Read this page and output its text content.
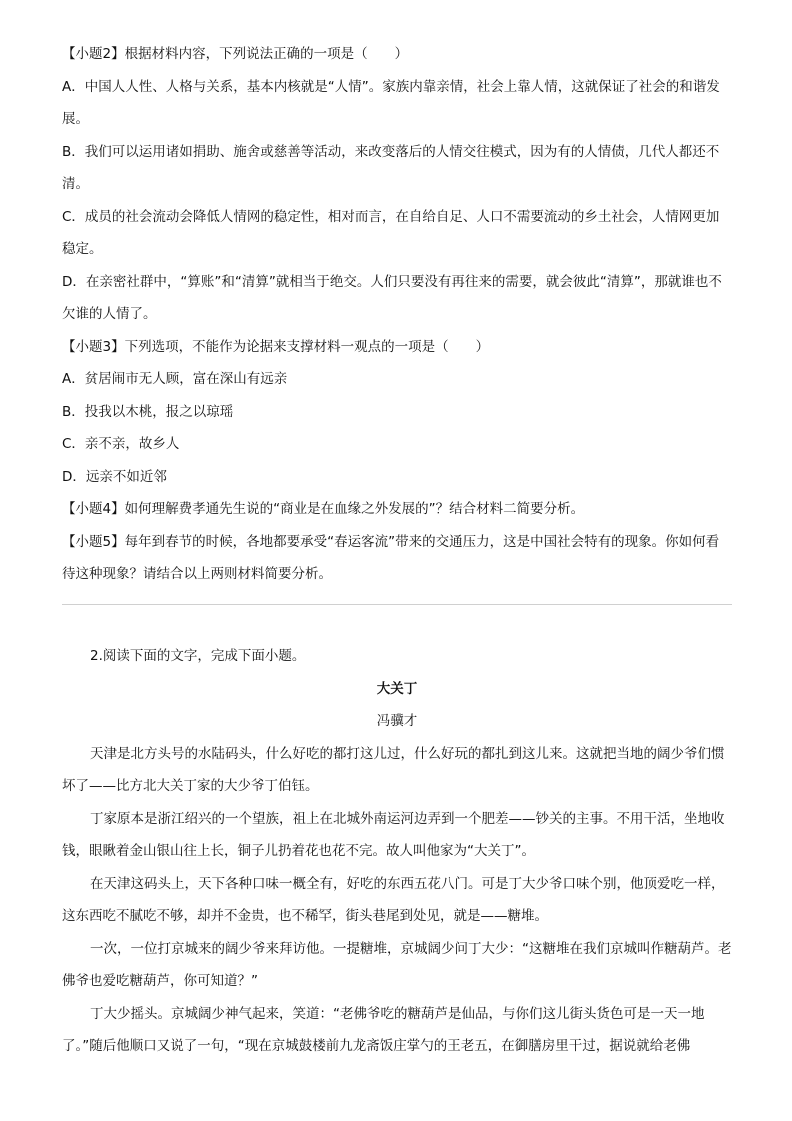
【小题2】根据材料内容，下列说法正确的一项是（　　）

A．中国人人性、人格与关系，基本内核就是“人情”。家族内靠亲情，社会上靠人情，这就保证了社会的和谐发展。

B．我们可以运用诸如捐助、施舍或慈善等活动，来改变落后的人情交往模式，因为有的人情债，几代人都还不清。

C．成员的社会流动会降低人情网的稳定性，相对而言，在自给自足、人口不需要流动的乡土社会，人情网更加稳定。

D．在亲密社群中，“算账”和“清算”就相当于绝交。人们只要没有再往来的需要，就会彼此“清算”，那就谁也不欠谁的人情了。

【小题3】下列选项，不能作为论据来支撑材料一观点的一项是（　　）

A．贫居闹市无人顾，富在深山有远亲

B．投我以木桃，报之以琼瑶

C．亲不亲，故乡人

D．远亲不如近邻

【小题4】如何理解费孝通先生说的“商业是在血缘之外发展的”？结合材料二简要分析。

【小题5】每年到春节的时候，各地都要承受“春运客流”带来的交通压力，这是中国社会特有的现象。你如何看待这种现象？请结合以上两则材料简要分析。

2.阅读下面的文字，完成下面小题。

大关丁

冯骥才

天津是北方头号的水陆码头，什么好吃的都打这儿过，什么好玩的都扎到这儿来。这就把当地的阔少爷们惯坏了——比方北大关丁家的大少爷丁伯钰。

丁家原本是浙江绍兴的一个望族，祖上在北城外南运河边弄到一个肥差——钞关的主事。不用干活，坐地收钱，眼瞅着金山银山往上长，铜子儿扔着花也花不完。故人叫他家为“大关丁”。

在天津这码头上，天下各种口味一概全有，好吃的东西五花八门。可是丁大少爷口味个别，他顶爱吃一样，这东西吃不腻吃不够，却并不金贵，也不稀罕，街头巷尾到处见，就是——糖堆。

一次，一位打京城来的阔少爷来拜访他。一提糖堆，京城阔少问丁大少：“这糖堆在我们京城叫作糖葫芦。老佛爷也爱吃糖葫芦，你可知道？”

丁大少摇头。京城阔少神气起来，笑道：“老佛爷吃的糖葫芦是仙品，与你们这儿街头货色可是一天一地了。”随后他顺口又说了一句，“现在京城鼓楼前九龙斋饭庄掌勺的王老五，在御膳房里干过，据说就给老佛
